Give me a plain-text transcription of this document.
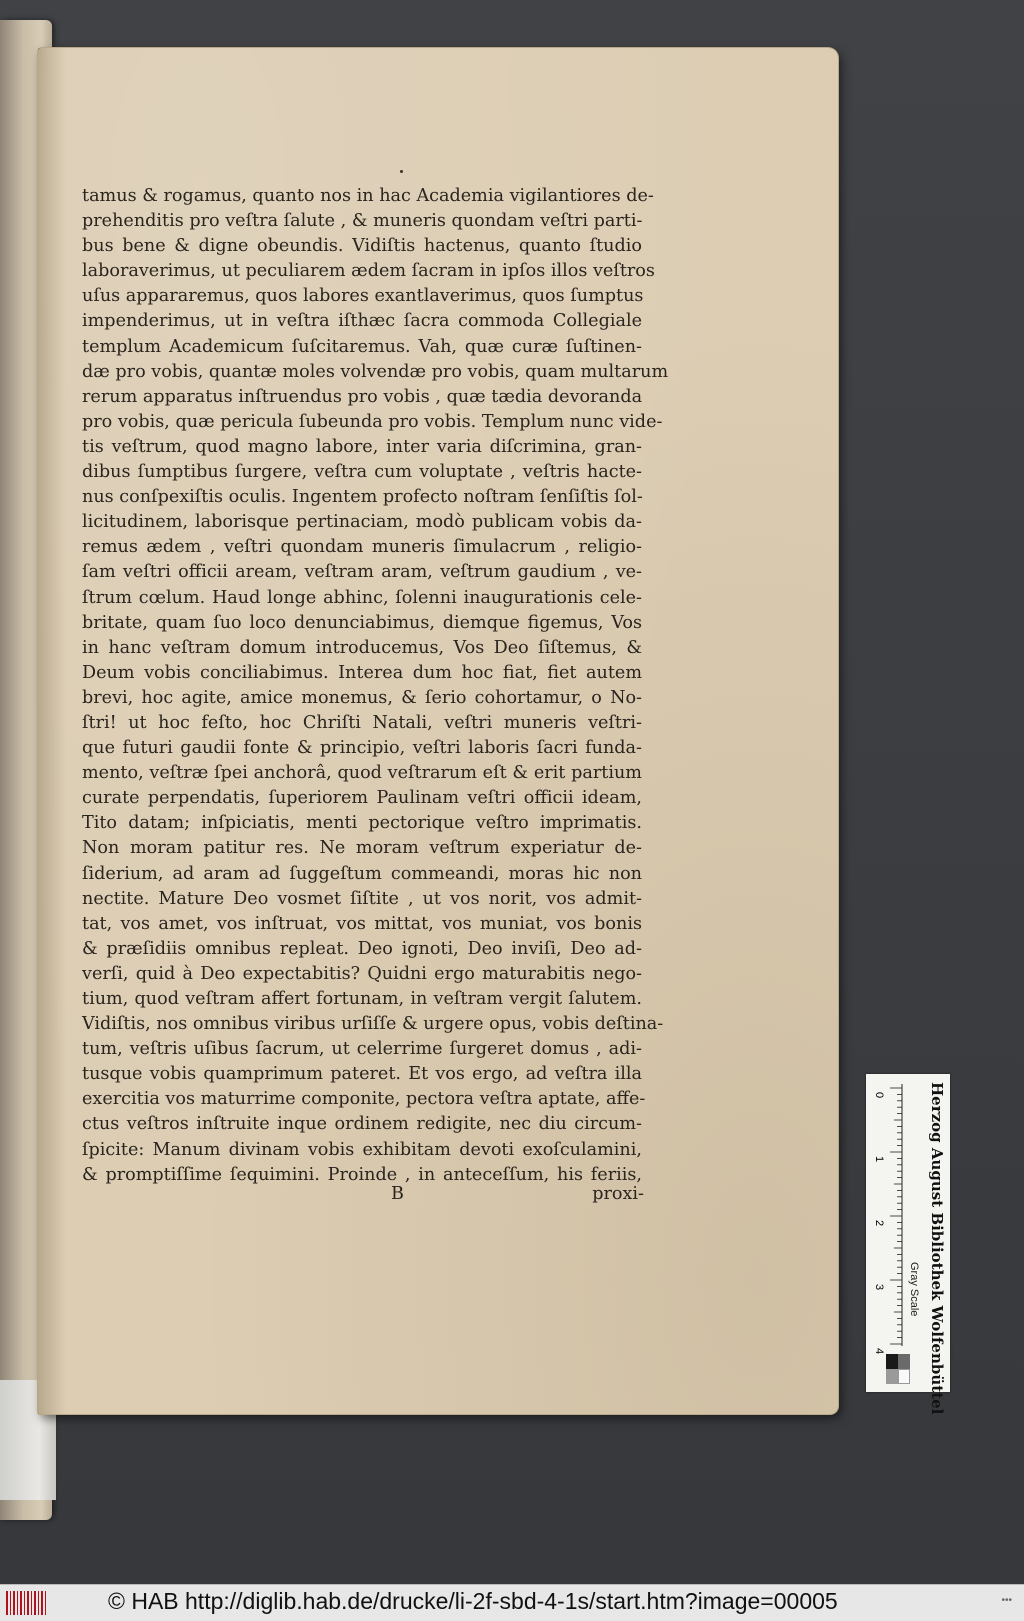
tamus & rogamus, quanto nos in hac Academia vigilantiores de-
prehenditis pro veſtra ſalute , & muneris quondam veſtri parti-
bus bene & digne obeundis. Vidiſtis hactenus, quanto ſtudio
laboraverimus, ut peculiarem ædem ſacram in ipſos illos veſtros
uſus appararemus, quos labores exantlaverimus, quos ſumptus
impenderimus, ut in veſtra iſthæc ſacra commoda Collegiale
templum Academicum ſuſcitaremus. Vah, quæ curæ ſuſtinen-
dæ pro vobis, quantæ moles volvendæ pro vobis, quam multarum
rerum apparatus inſtruendus pro vobis , quæ tædia devoranda
pro vobis, quæ pericula ſubeunda pro vobis. Templum nunc vide-
tis veſtrum, quod magno labore, inter varia diſcrimina, gran-
dibus ſumptibus ſurgere, veſtra cum voluptate , veſtris hacte-
nus conſpexiſtis oculis. Ingentem profecto noſtram ſenſiſtis ſol-
licitudinem, laborisque pertinaciam, modò publicam vobis da-
remus ædem , veſtri quondam muneris ſimulacrum , religio-
ſam veſtri officii aream, veſtram aram, veſtrum gaudium , ve-
ſtrum cœlum. Haud longe abhinc, ſolenni inaugurationis cele-
britate, quam ſuo loco denunciabimus, diemque figemus, Vos
in hanc veſtram domum introducemus, Vos Deo ſiſtemus, &
Deum vobis conciliabimus. Interea dum hoc fiat, fiet autem
brevi, hoc agite, amice monemus, & ſerio cohortamur, o No-
ſtri! ut hoc feſto, hoc Chriſti Natali, veſtri muneris veſtri-
que futuri gaudii fonte & principio, veſtri laboris ſacri funda-
mento, veſtræ ſpei anchorâ, quod veſtrarum eſt & erit partium
curate perpendatis, ſuperiorem Paulinam veſtri officii ideam,
Tito datam; inſpiciatis, menti pectorique veſtro imprimatis.
Non moram patitur res. Ne moram veſtrum experiatur de-
ſiderium, ad aram ad ſuggeſtum commeandi, moras hic non
nectite. Mature Deo vosmet ſiſtite , ut vos norit, vos admit-
tat, vos amet, vos inſtruat, vos mittat, vos muniat, vos bonis
& præſidiis omnibus repleat. Deo ignoti, Deo inviſi, Deo ad-
verſi, quid à Deo expectabitis? Quidni ergo maturabitis nego-
tium, quod veſtram affert fortunam, in veſtram vergit ſalutem.
Vidiſtis, nos omnibus viribus urſiſſe & urgere opus, vobis deſtina-
tum, veſtris uſibus ſacrum, ut celerrime ſurgeret domus , adi-
tusque vobis quamprimum pateret. Et vos ergo, ad veſtra illa
exercitia vos maturrime componite, pectora veſtra aptate, affe-
ctus veſtros inſtruite inque ordinem redigite, nec diu circum-
ſpicite: Manum divinam vobis exhibitam devoti exoſculamini,
& promptiſſime ſequimini. Proinde , in anteceſſum, his feriis,
B	proxi-
0
1
2
3
4	Herzog August Bibliothek Wolfenbüttel
Gray Scale
© HAB http://diglib.hab.de/drucke/li-2f-sbd-4-1s/start.htm?image=00005	•••
